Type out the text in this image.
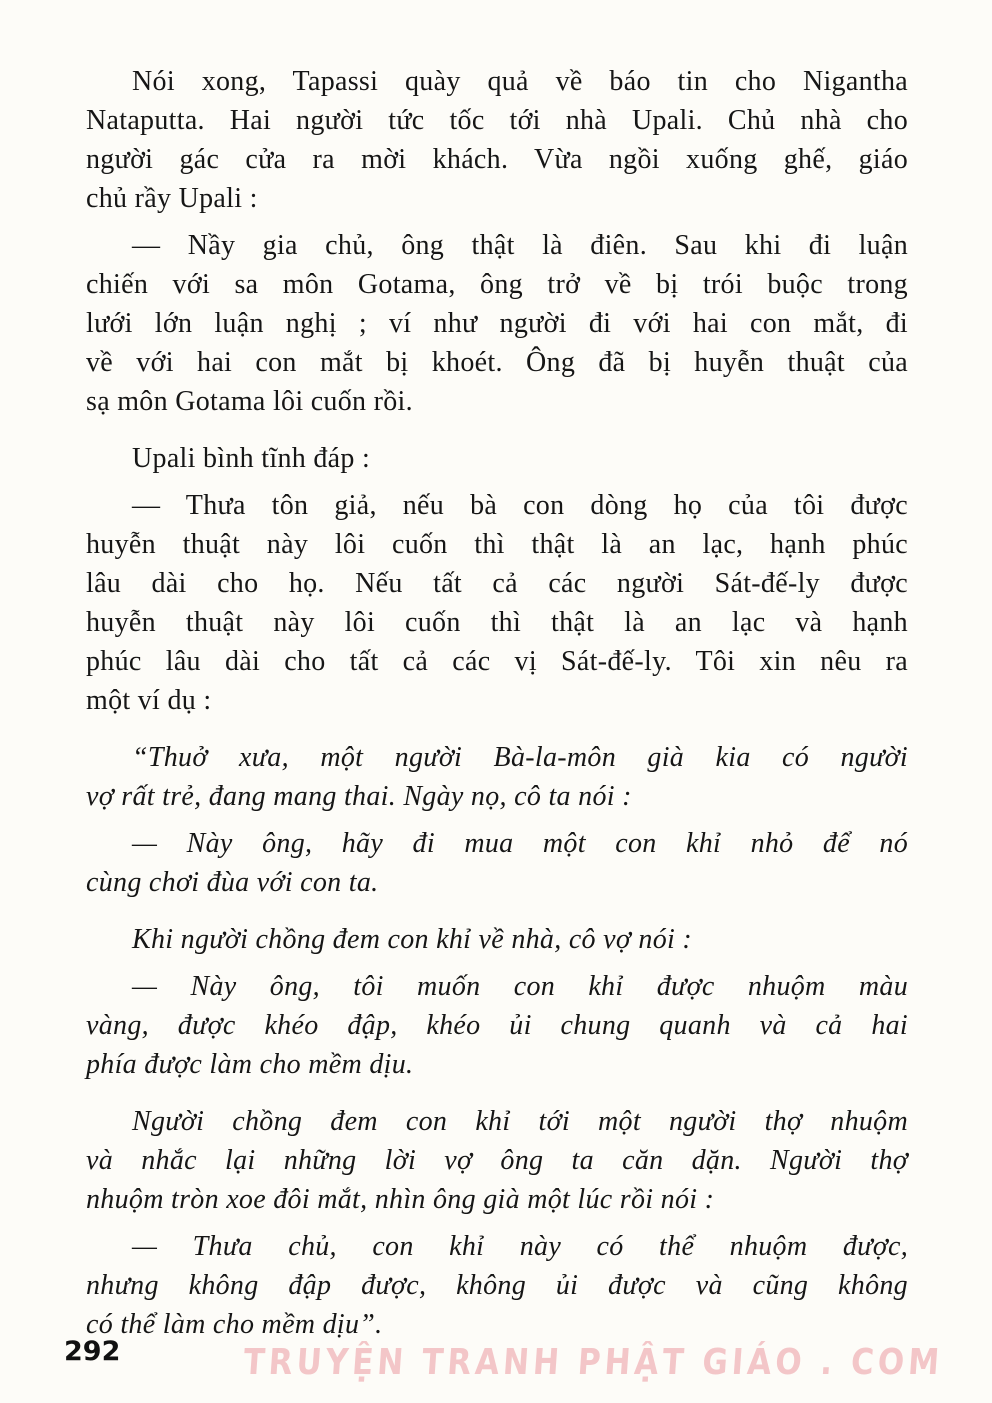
Nói xong, Tapassi quày quả về báo tin cho Nigantha
Nataputta. Hai người tức tốc tới nhà Upali. Chủ nhà cho
người gác cửa ra mời khách. Vừa ngồi xuống ghế, giáo
chủ rầy Upali :
— Nầy gia chủ, ông thật là điên. Sau khi đi luận
chiến với sa môn Gotama, ông trở về bị trói buộc trong
lưới lớn luận nghị ; ví như người đi với hai con mắt, đi
về với hai con mắt bị khoét. Ông đã bị huyễn thuật của
sạ môn Gotama lôi cuốn rồi.
Upali bình tĩnh đáp :
— Thưa tôn giả, nếu bà con dòng họ của tôi được
huyễn thuật này lôi cuốn thì thật là an lạc, hạnh phúc
lâu dài cho họ. Nếu tất cả các người Sát-đế-ly được
huyễn thuật này lôi cuốn thì thật là an lạc và hạnh
phúc lâu dài cho tất cả các vị Sát-đế-ly. Tôi xin nêu ra
một ví dụ :
“Thuở xưa, một người Bà-la-môn già kia có người
vợ rất trẻ, đang mang thai. Ngày nọ, cô ta nói :
— Này ông, hãy đi mua một con khỉ nhỏ để nó
cùng chơi đùa với con ta.
Khi người chồng đem con khỉ về nhà, cô vợ nói :
— Này ông, tôi muốn con khỉ được nhuộm màu
vàng, được khéo đập, khéo ủi chung quanh và cả hai
phía được làm cho mềm dịu.
Người chồng đem con khỉ tới một người thợ nhuộm
và nhắc lại những lời vợ ông ta căn dặn. Người thợ
nhuộm tròn xoe đôi mắt, nhìn ông già một lúc rồi nói :
— Thưa chủ, con khỉ này có thể nhuộm được,
nhưng không đập được, không ủi được và cũng không
có thể làm cho mềm dịu”.
292	TRUYỆN TRANH PHẬT GIÁO . COM
